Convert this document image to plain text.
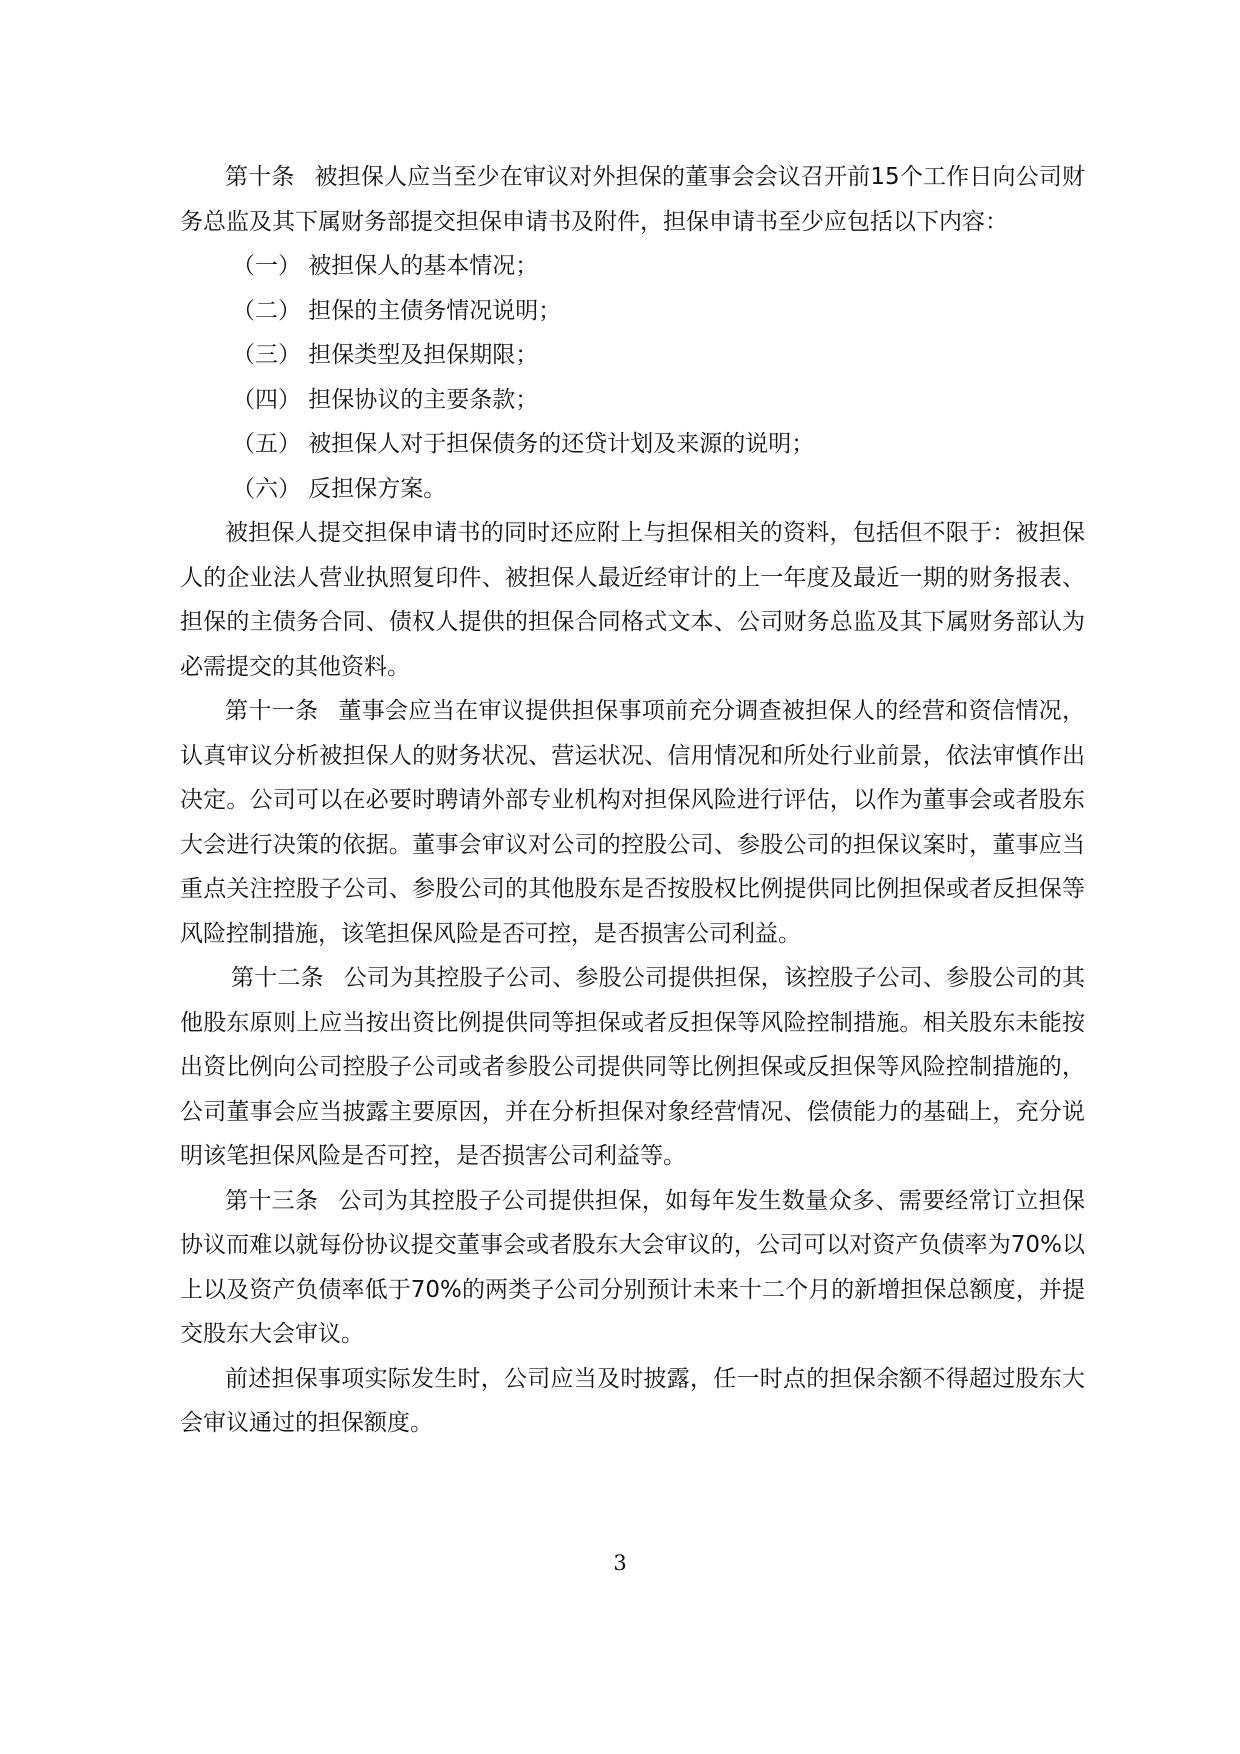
第十条 被担保人应当至少在审议对外担保的董事会会议召开前15个工作日向公司财务总监及其下属财务部提交担保申请书及附件，担保申请书至少应包括以下内容：

（一） 被担保人的基本情况；

（二） 担保的主债务情况说明；

（三） 担保类型及担保期限；

（四） 担保协议的主要条款；

（五） 被担保人对于担保债务的还贷计划及来源的说明；

（六） 反担保方案。

被担保人提交担保申请书的同时还应附上与担保相关的资料，包括但不限于：被担保人的企业法人营业执照复印件、被担保人最近经审计的上一年度及最近一期的财务报表、担保的主债务合同、债权人提供的担保合同格式文本、公司财务总监及其下属财务部认为必需提交的其他资料。

第十一条 董事会应当在审议提供担保事项前充分调查被担保人的经营和资信情况，认真审议分析被担保人的财务状况、营运状况、信用情况和所处行业前景，依法审慎作出决定。公司可以在必要时聘请外部专业机构对担保风险进行评估，以作为董事会或者股东大会进行决策的依据。董事会审议对公司的控股公司、参股公司的担保议案时，董事应当重点关注控股子公司、参股公司的其他股东是否按股权比例提供同比例担保或者反担保等风险控制措施，该笔担保风险是否可控，是否损害公司利益。

第十二条 公司为其控股子公司、参股公司提供担保，该控股子公司、参股公司的其他股东原则上应当按出资比例提供同等担保或者反担保等风险控制措施。相关股东未能按出资比例向公司控股子公司或者参股公司提供同等比例担保或反担保等风险控制措施的，公司董事会应当披露主要原因，并在分析担保对象经营情况、偿债能力的基础上，充分说明该笔担保风险是否可控，是否损害公司利益等。

第十三条 公司为其控股子公司提供担保，如每年发生数量众多、需要经常订立担保协议而难以就每份协议提交董事会或者股东大会审议的，公司可以对资产负债率为70%以上以及资产负债率低于70%的两类子公司分别预计未来十二个月的新增担保总额度，并提交股东大会审议。

前述担保事项实际发生时，公司应当及时披露，任一时点的担保余额不得超过股东大会审议通过的担保额度。

3
